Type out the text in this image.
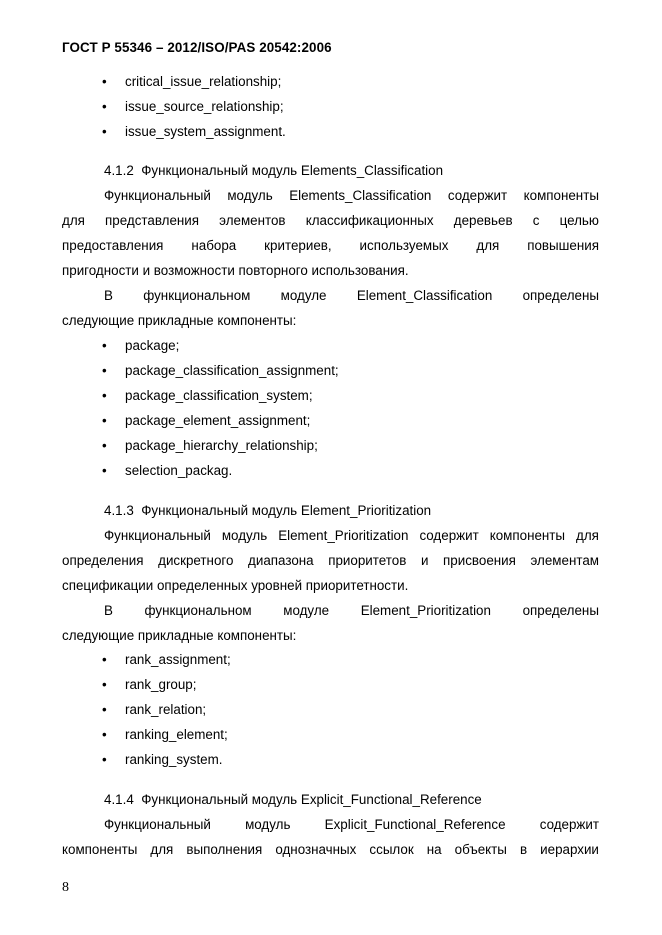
ГОСТ Р 55346 – 2012/ISO/PAS 20542:2006
• critical_issue_relationship;
• issue_source_relationship;
• issue_system_assignment.
4.1.2  Функциональный модуль Elements_Classification
Функциональный модуль Elements_Classification содержит компоненты
для представления элементов классификационных деревьев с целью
предоставления набора критериев, используемых для повышения
пригодности и возможности повторного использования.
В функциональном модуле Element_Classification определены
следующие прикладные компоненты:
• package;
• package_classification_assignment;
• package_classification_system;
• package_element_assignment;
• package_hierarchy_relationship;
• selection_packag.
4.1.3  Функциональный модуль Element_Prioritization
Функциональный модуль Element_Prioritization содержит компоненты для
определения дискретного диапазона приоритетов и присвоения элементам
спецификации определенных уровней приоритетности.
В функциональном модуле Element_Prioritization определены
следующие прикладные компоненты:
• rank_assignment;
• rank_group;
• rank_relation;
• ranking_element;
• ranking_system.
4.1.4  Функциональный модуль Explicit_Functional_Reference
Функциональный	модуль	Explicit_Functional_Reference	содержит
компоненты для выполнения однозначных ссылок на объекты в иерархии
8
